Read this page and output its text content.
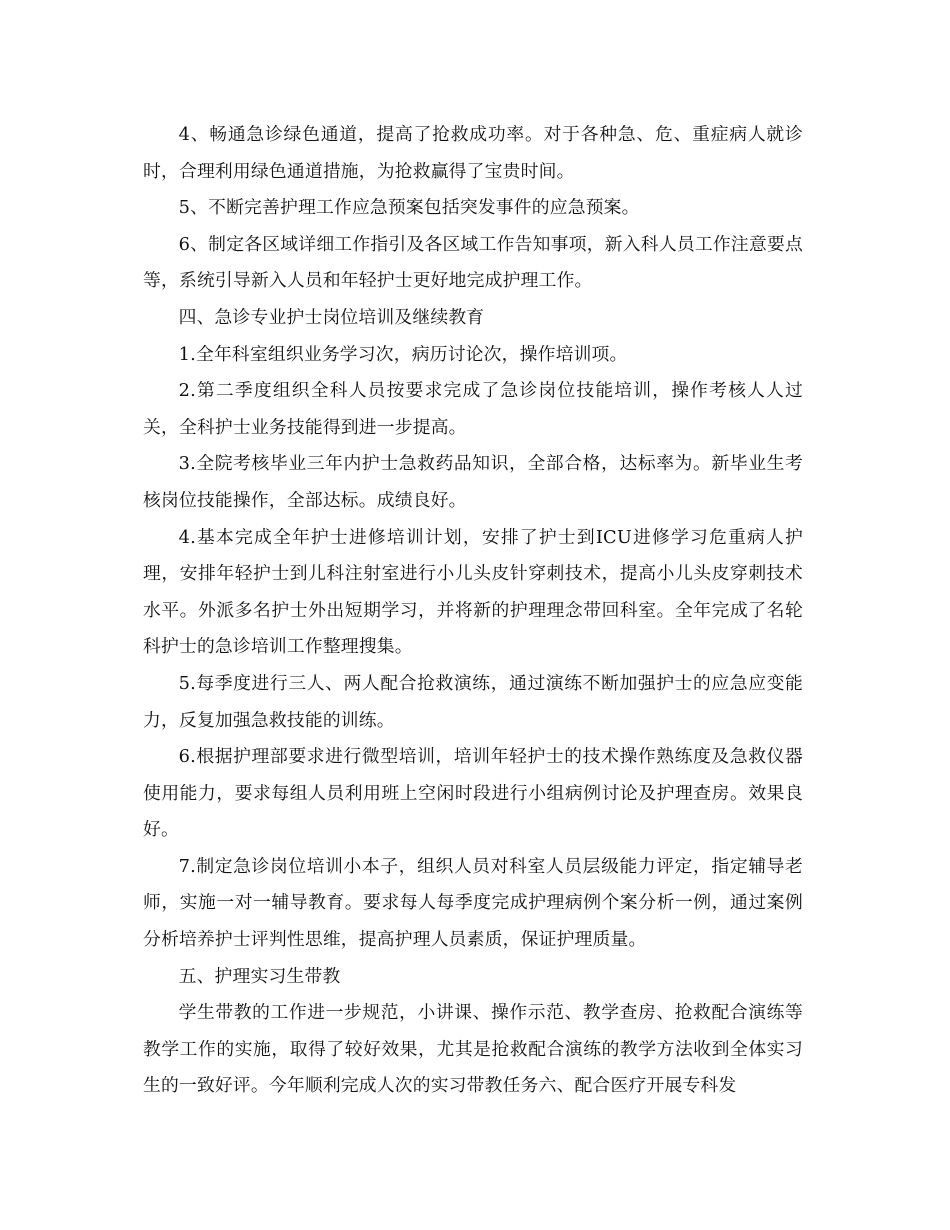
4、畅通急诊绿色通道，提高了抢救成功率。对于各种急、危、重症病人就诊时，合理利用绿色通道措施，为抢救赢得了宝贵时间。

5、不断完善护理工作应急预案包括突发事件的应急预案。

6、制定各区域详细工作指引及各区域工作告知事项，新入科人员工作注意要点等，系统引导新入人员和年轻护士更好地完成护理工作。

四、急诊专业护士岗位培训及继续教育

1.全年科室组织业务学习次，病历讨论次，操作培训项。

2.第二季度组织全科人员按要求完成了急诊岗位技能培训，操作考核人人过关，全科护士业务技能得到进一步提高。

3.全院考核毕业三年内护士急救药品知识，全部合格，达标率为。新毕业生考核岗位技能操作，全部达标。成绩良好。

4.基本完成全年护士进修培训计划，安排了护士到ICU进修学习危重病人护理，安排年轻护士到儿科注射室进行小儿头皮针穿刺技术，提高小儿头皮穿刺技术水平。外派多名护士外出短期学习，并将新的护理理念带回科室。全年完成了名轮科护士的急诊培训工作整理搜集。

5.每季度进行三人、两人配合抢救演练，通过演练不断加强护士的应急应变能力，反复加强急救技能的训练。

6.根据护理部要求进行微型培训，培训年轻护士的技术操作熟练度及急救仪器使用能力，要求每组人员利用班上空闲时段进行小组病例讨论及护理查房。效果良好。

7.制定急诊岗位培训小本子，组织人员对科室人员层级能力评定，指定辅导老师，实施一对一辅导教育。要求每人每季度完成护理病例个案分析一例，通过案例分析培养护士评判性思维，提高护理人员素质，保证护理质量。

五、护理实习生带教

学生带教的工作进一步规范，小讲课、操作示范、教学查房、抢救配合演练等教学工作的实施，取得了较好效果，尤其是抢救配合演练的教学方法收到全体实习生的一致好评。今年顺利完成人次的实习带教任务六、配合医疗开展专科发
